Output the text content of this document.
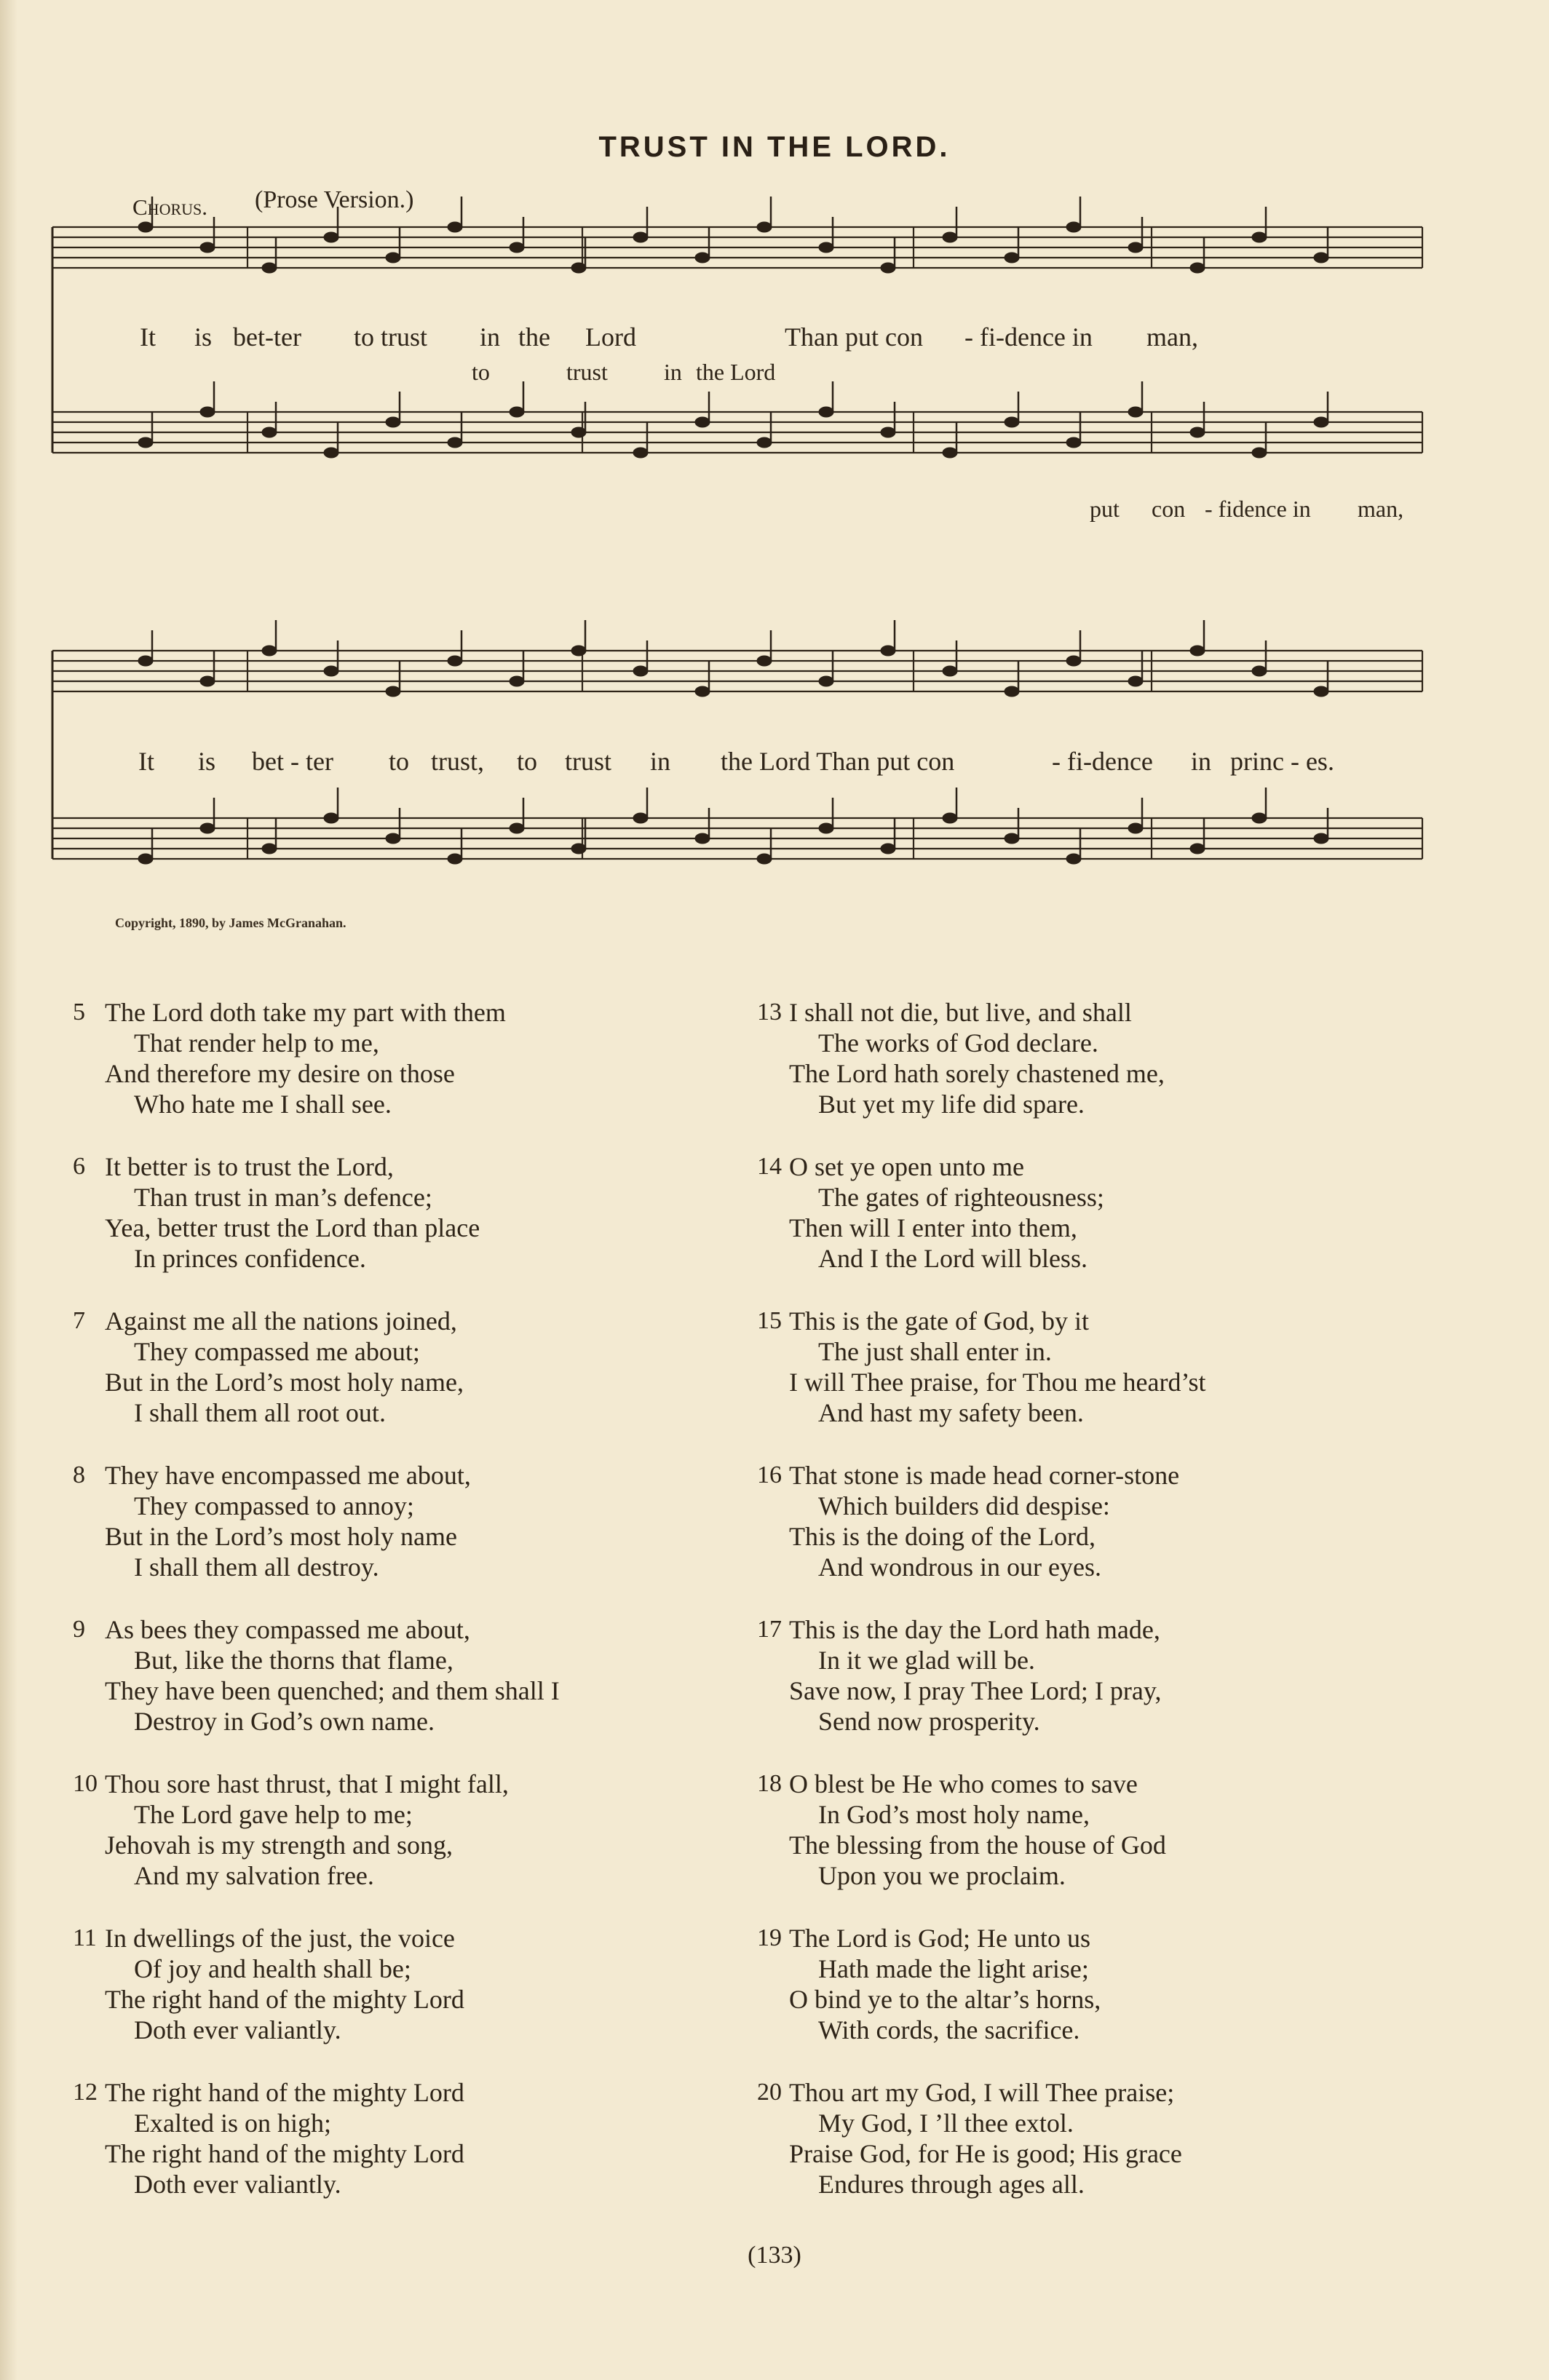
TRUST IN THE LORD.
Chorus. (Prose Version.)
It is bet-ter to trust in the Lord	Than put con - fi-dence in man,
to	trust in the Lord
put con - fidence in man,
It is bet - ter to trust, to trust in the Lord Than put con	- fi-dence in princ - es.
Copyright, 1890, by James McGranahan.
5 The Lord doth take my part with them
That render help to me,
And therefore my desire on those
Who hate me I shall see.
6 It better is to trust the Lord,
Than trust in man’s defence;
Yea, better trust the Lord than place
In princes confidence.
7 Against me all the nations joined,
They compassed me about;
But in the Lord’s most holy name,
I shall them all root out.
8 They have encompassed me about,
They compassed to annoy;
But in the Lord’s most holy name
I shall them all destroy.
9 As bees they compassed me about,
But, like the thorns that flame,
They have been quenched; and them shall I
Destroy in God’s own name.
10 Thou sore hast thrust, that I might fall,
The Lord gave help to me;
Jehovah is my strength and song,
And my salvation free.
11 In dwellings of the just, the voice
Of joy and health shall be;
The right hand of the mighty Lord
Doth ever valiantly.
12 The right hand of the mighty Lord
Exalted is on high;
The right hand of the mighty Lord
Doth ever valiantly.
13 I shall not die, but live, and shall
The works of God declare.
The Lord hath sorely chastened me,
But yet my life did spare.
14 O set ye open unto me
The gates of righteousness;
Then will I enter into them,
And I the Lord will bless.
15 This is the gate of God, by it
The just shall enter in.
I will Thee praise, for Thou me heard’st
And hast my safety been.
16 That stone is made head corner-stone
Which builders did despise:
This is the doing of the Lord,
And wondrous in our eyes.
17 This is the day the Lord hath made,
In it we glad will be.
Save now, I pray Thee Lord; I pray,
Send now prosperity.
18 O blest be He who comes to save
In God’s most holy name,
The blessing from the house of God
Upon you we proclaim.
19 The Lord is God; He unto us
Hath made the light arise;
O bind ye to the altar’s horns,
With cords, the sacrifice.
20 Thou art my God, I will Thee praise;
My God, I ’ll thee extol.
Praise God, for He is good; His grace
Endures through ages all.
(133)
